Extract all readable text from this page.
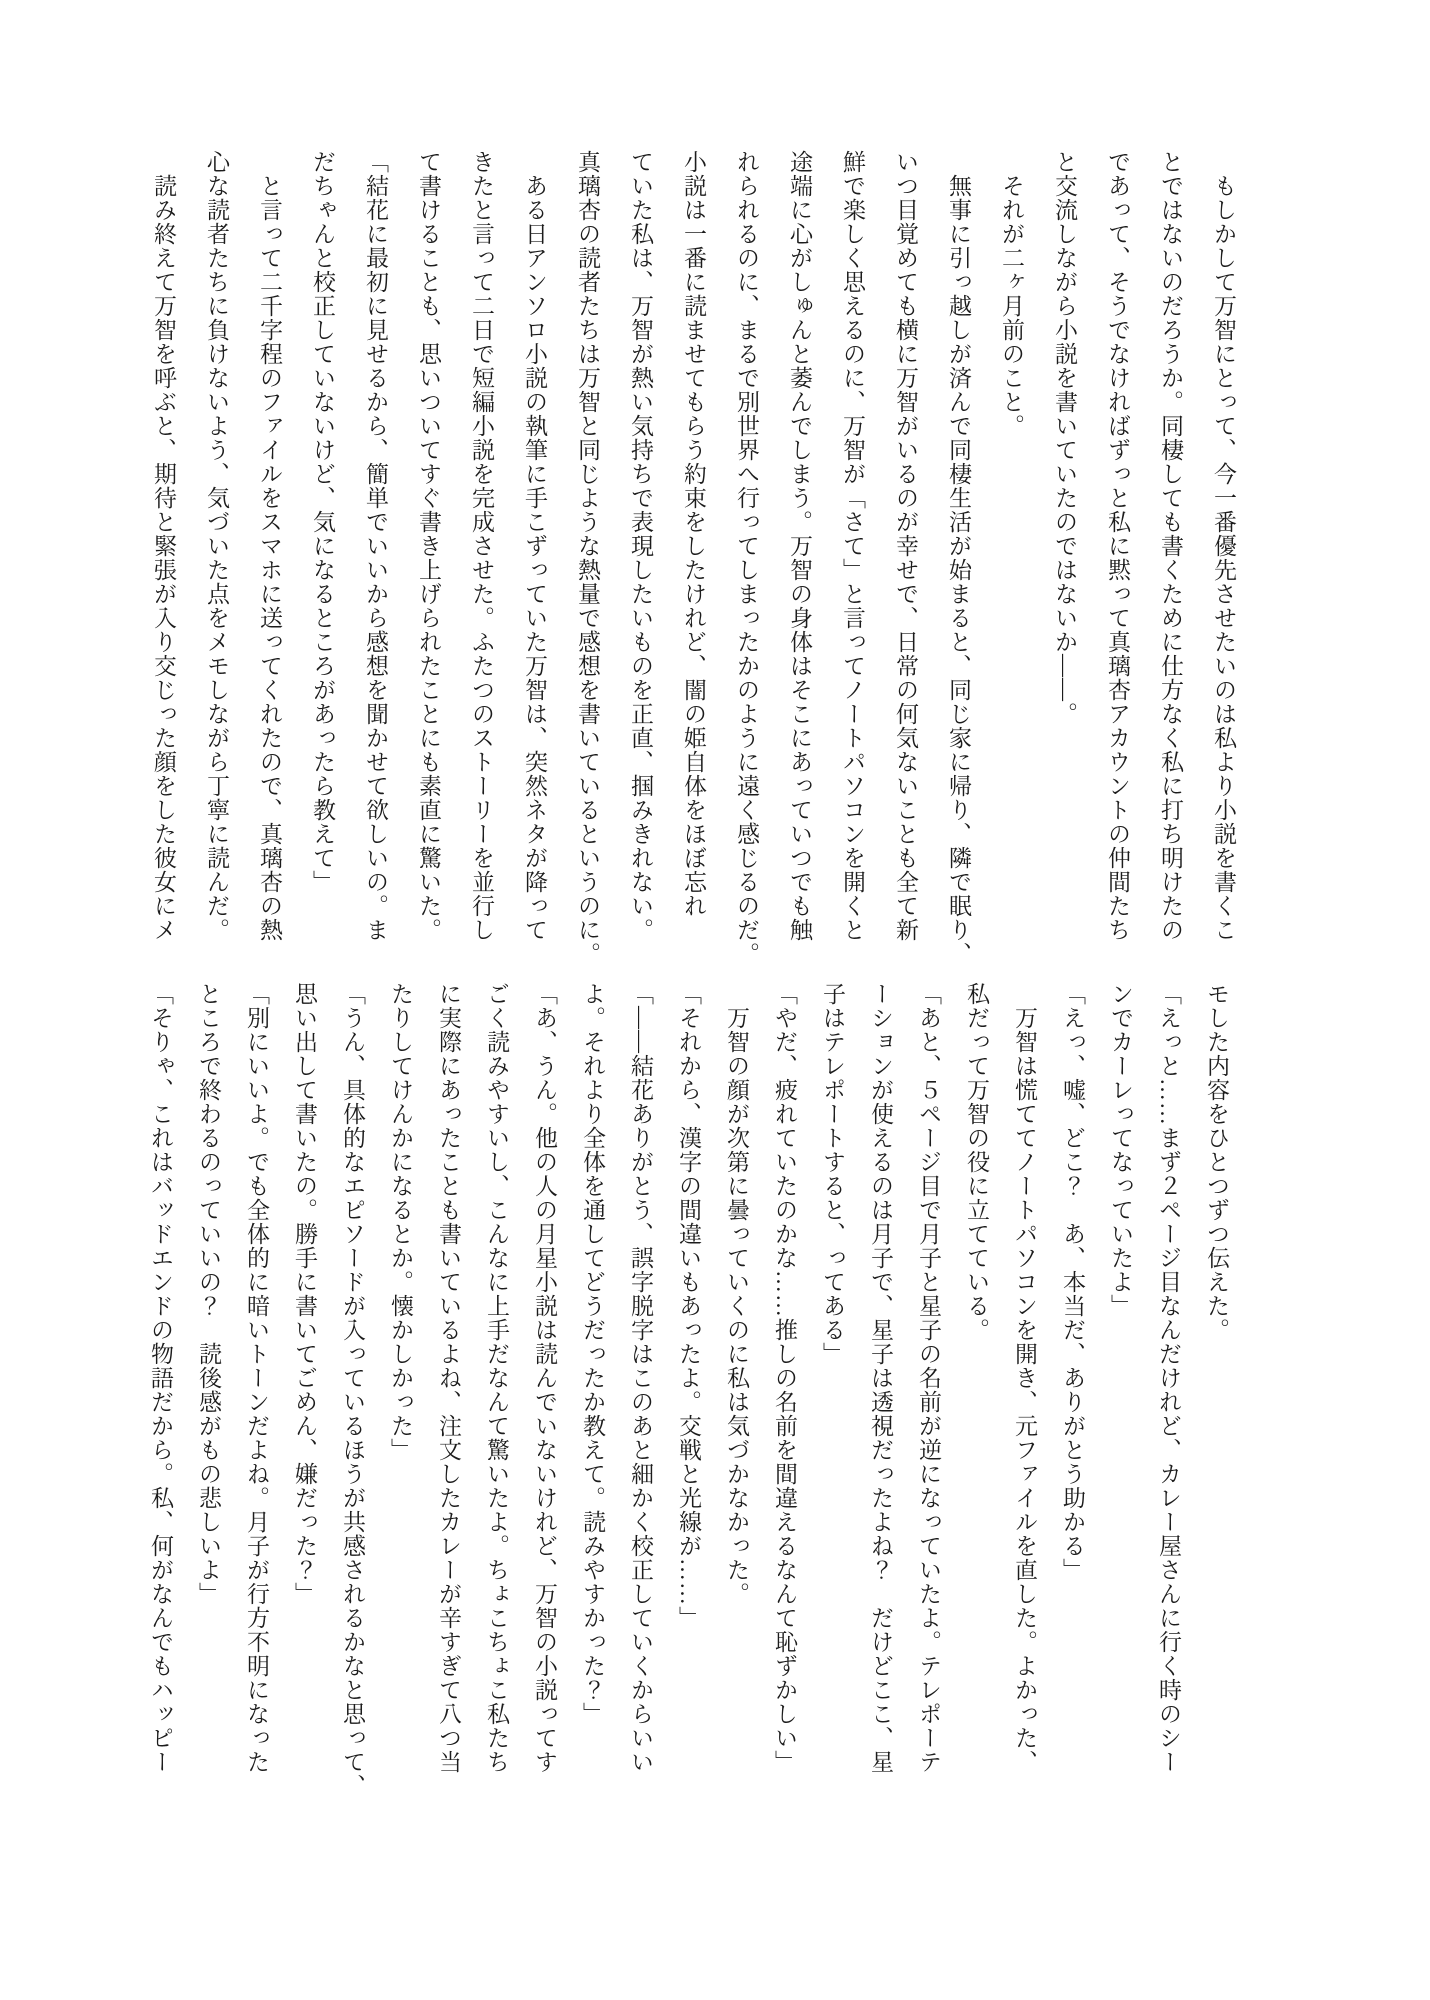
　もしかして万智にとって、今一番優先させたいのは私より小説を書くこ
とではないのだろうか。同棲しても書くために仕方なく私に打ち明けたの
であって、そうでなければずっと私に黙って真璃杏アカウントの仲間たち
と交流しながら小説を書いていたのではないか――。
　それが二ヶ月前のこと。
　無事に引っ越しが済んで同棲生活が始まると、同じ家に帰り、隣で眠り、
いつ目覚めても横に万智がいるのが幸せで、日常の何気ないことも全て新
鮮で楽しく思えるのに、万智が「さて」と言ってノートパソコンを開くと
途端に心がしゅんと萎んでしまう。万智の身体はそこにあっていつでも触
れられるのに、まるで別世界へ行ってしまったかのように遠く感じるのだ。
小説は一番に読ませてもらう約束をしたけれど、闇の姫自体をほぼ忘れ
ていた私は、万智が熱い気持ちで表現したいものを正直、掴みきれない。
真璃杏の読者たちは万智と同じような熱量で感想を書いているというのに。
　ある日アンソロ小説の執筆に手こずっていた万智は、突然ネタが降って
きたと言って二日で短編小説を完成させた。ふたつのストーリーを並行し
て書けることも、思いついてすぐ書き上げられたことにも素直に驚いた。
「結花に最初に見せるから、簡単でいいから感想を聞かせて欲しいの。ま
だちゃんと校正していないけど、気になるところがあったら教えて」
　と言って二千字程のファイルをスマホに送ってくれたので、真璃杏の熱
心な読者たちに負けないよう、気づいた点をメモしながら丁寧に読んだ。
　読み終えて万智を呼ぶと、期待と緊張が入り交じった顔をした彼女にメ
モした内容をひとつずつ伝えた。
「えっと……まず２ページ目なんだけれど、カレー屋さんに行く時のシー
ンでカーレってなっていたよ」
「えっ、嘘、どこ？　あ、本当だ、ありがとう助かる」
　万智は慌ててノートパソコンを開き、元ファイルを直した。よかった、
私だって万智の役に立てている。
「あと、５ページ目で月子と星子の名前が逆になっていたよ。テレポーテ
ーションが使えるのは月子で、星子は透視だったよね？　だけどここ、星
子はテレポートすると、ってある」
「やだ、疲れていたのかな……推しの名前を間違えるなんて恥ずかしい」
　万智の顔が次第に曇っていくのに私は気づかなかった。
「それから、漢字の間違いもあったよ。交戦と光線が……」
「――結花ありがとう、誤字脱字はこのあと細かく校正していくからいい
よ。それより全体を通してどうだったか教えて。読みやすかった？」
「あ、うん。他の人の月星小説は読んでいないけれど、万智の小説ってす
ごく読みやすいし、こんなに上手だなんて驚いたよ。ちょこちょこ私たち
に実際にあったことも書いているよね、注文したカレーが辛すぎて八つ当
たりしてけんかになるとか。懐かしかった」
「うん、具体的なエピソードが入っているほうが共感されるかなと思って、
思い出して書いたの。勝手に書いてごめん、嫌だった？」
「別にいいよ。でも全体的に暗いトーンだよね。月子が行方不明になった
ところで終わるのっていいの？　読後感がもの悲しいよ」
「そりゃ、これはバッドエンドの物語だから。私、何がなんでもハッピー
